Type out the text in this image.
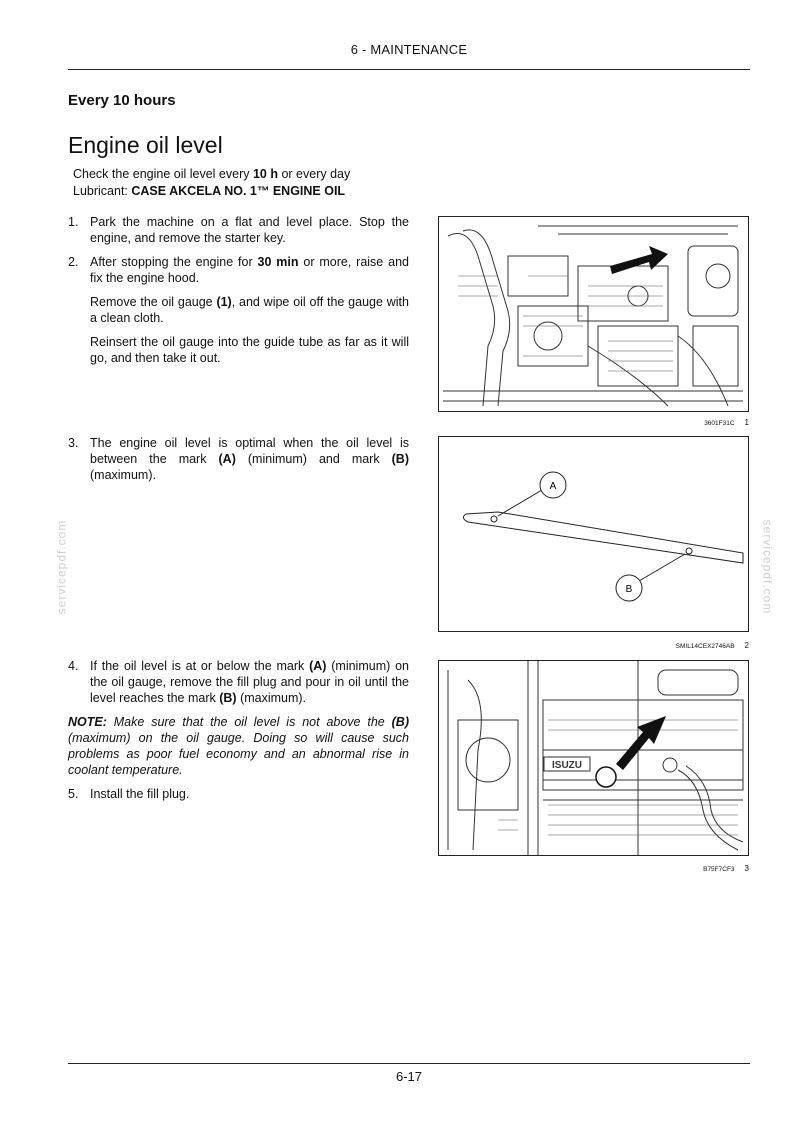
6 - MAINTENANCE
Every 10 hours
Engine oil level
Check the engine oil level every 10 h or every day
Lubricant: CASE AKCELA NO. 1™ ENGINE OIL
1. Park the machine on a flat and level place. Stop the engine, and remove the starter key.
2. After stopping the engine for 30 min or more, raise and fix the engine hood.

Remove the oil gauge (1), and wipe oil off the gauge with a clean cloth.

Reinsert the oil gauge into the guide tube as far as it will go, and then take it out.

3. The engine oil level is optimal when the oil level is between the mark (A) (minimum) and mark (B) (maximum).
4. If the oil level is at or below the mark (A) (minimum) on the oil gauge, remove the fill plug and pour in oil until the level reaches the mark (B) (maximum).

NOTE: Make sure that the oil level is not above the (B) (maximum) on the oil gauge. Doing so will cause such problems as poor fuel economy and an abnormal rise in coolant temperature.

5. Install the fill plug.
3601F31C 1
A
B
SMIL14CEX2746AB 2
ISUZU
B75F7CF3 3
servicepdf.com	servicepdf.com
6-17
